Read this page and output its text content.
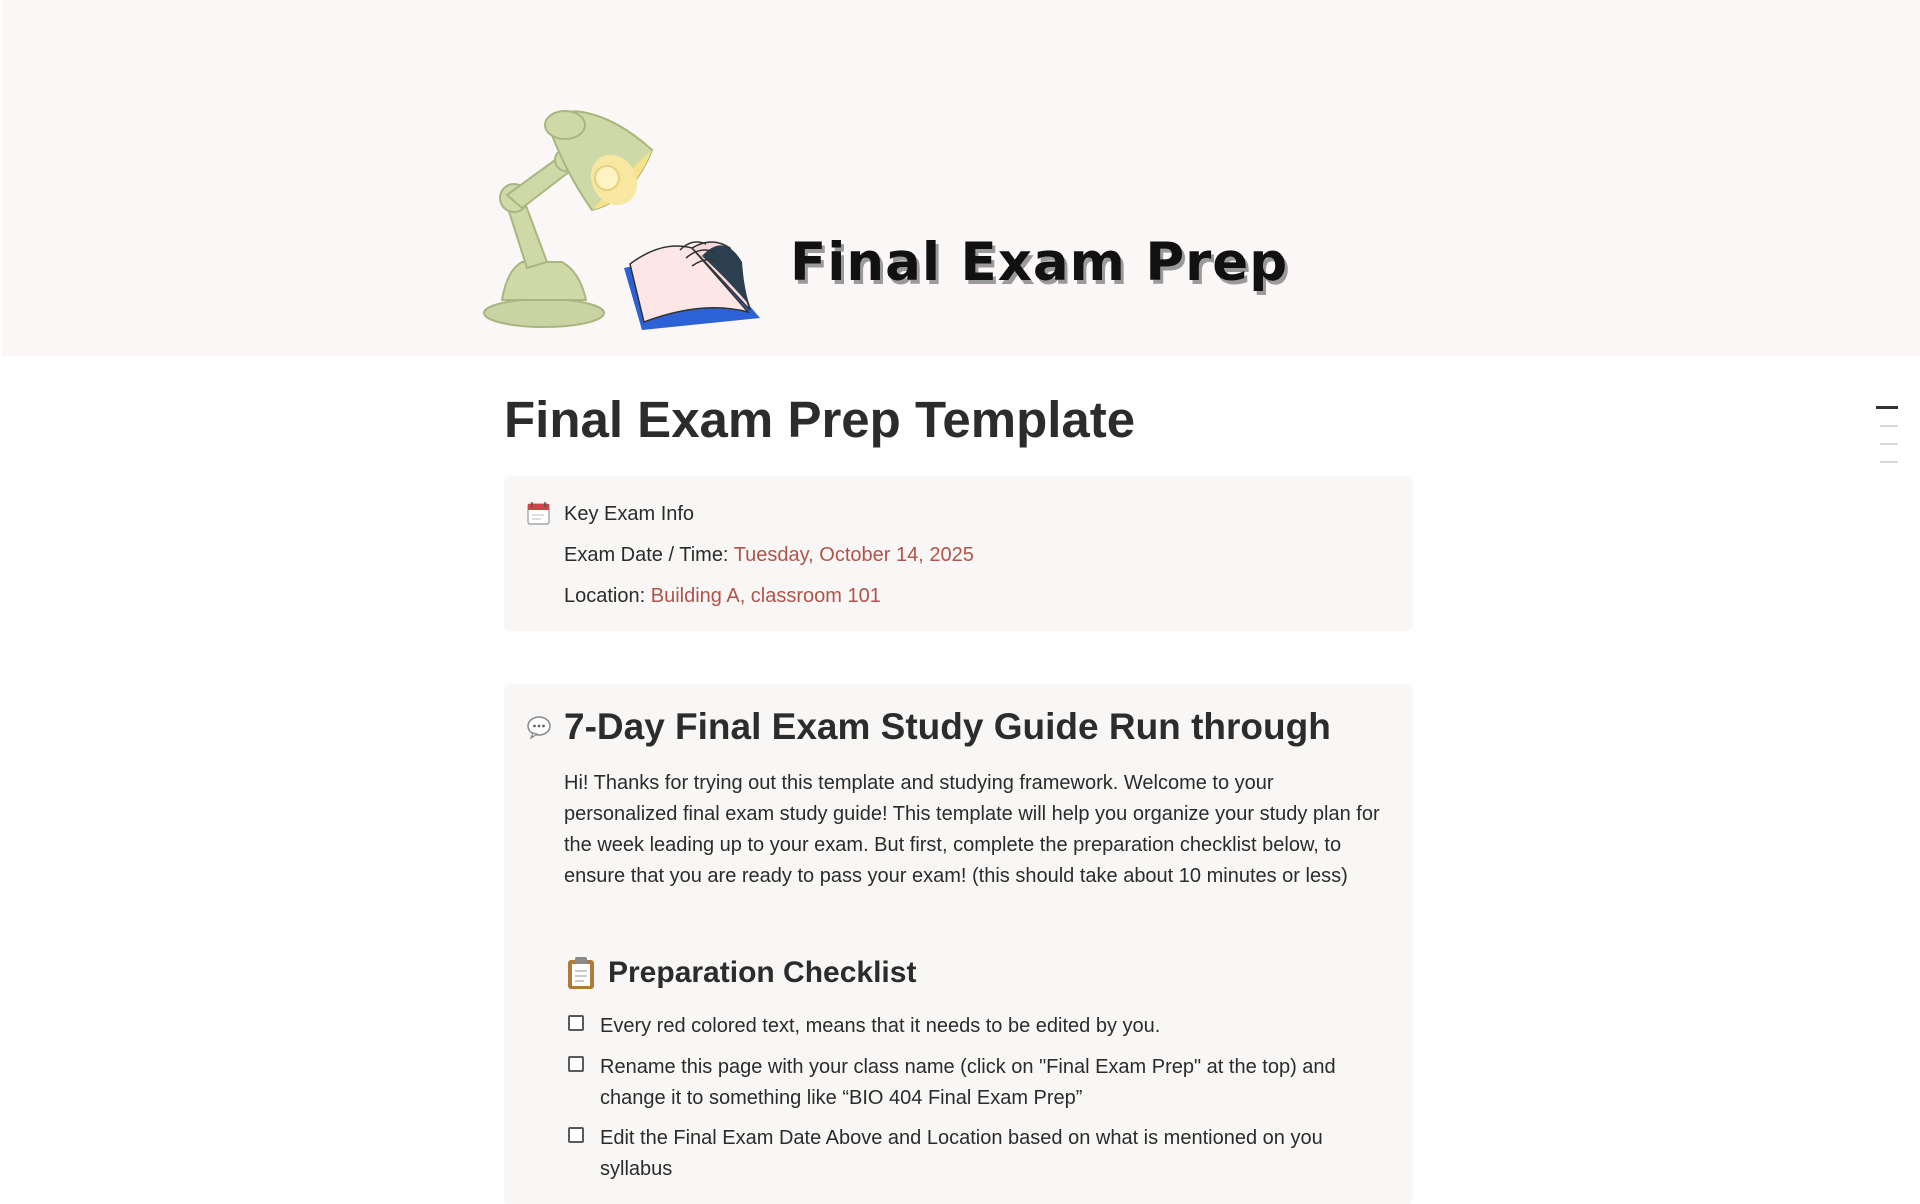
Final Exam Prep
Final Exam Prep Template
Key Exam Info
Exam Date / Time: Tuesday, October 14, 2025
Location: Building A, classroom 101
7-Day Final Exam Study Guide Run through
Hi! Thanks for trying out this template and studying framework. Welcome to your personalized final exam study guide! This template will help you organize your study plan for the week leading up to your exam. But first, complete the preparation checklist below, to ensure that you are ready to pass your exam! (this should take about 10 minutes or less)
Preparation Checklist
Every red colored text, means that it needs to be edited by you.
Rename this page with your class name (click on "Final Exam Prep" at the top) and change it to something like “BIO 404 Final Exam Prep”
Edit the Final Exam Date Above and Location based on what is mentioned on you syllabus
